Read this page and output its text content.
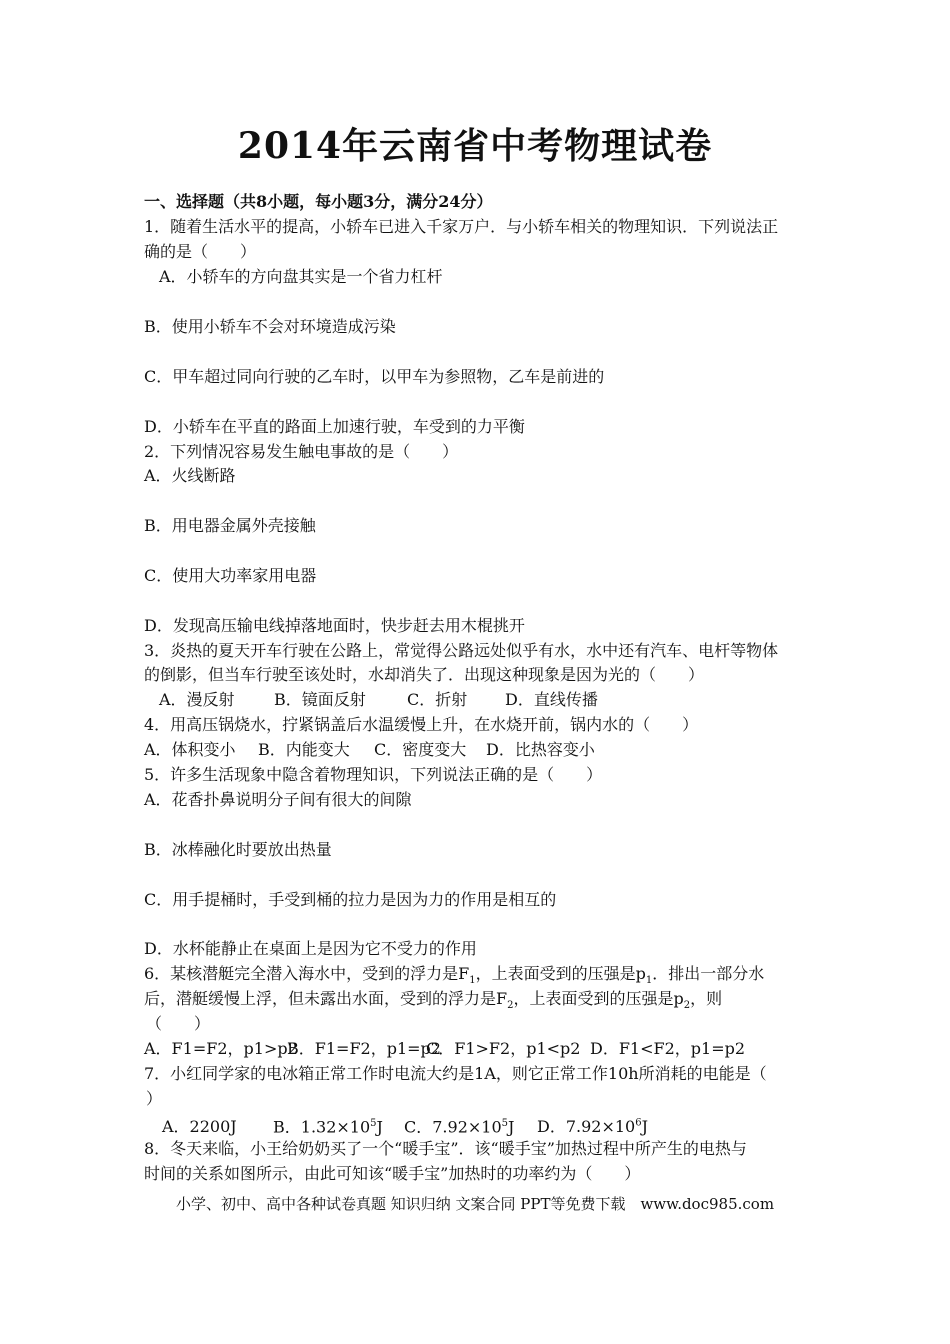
2014年云南省中考物理试卷
一、选择题（共8小题，每小题3分，满分24分）
1．随着生活水平的提高，小轿车已进入千家万户．与小轿车相关的物理知识．下列说法正
确的是（　　）
A．小轿车的方向盘其实是一个省力杠杆
B．使用小轿车不会对环境造成污染
C．甲车超过同向行驶的乙车时，以甲车为参照物，乙车是前进的
D．小轿车在平直的路面上加速行驶，车受到的力平衡
2．下列情况容易发生触电事故的是（　　）
A．火线断路
B．用电器金属外壳接触
C．使用大功率家用电器
D．发现高压输电线掉落地面时，快步赶去用木棍挑开
3．炎热的夏天开车行驶在公路上，常觉得公路远处似乎有水，水中还有汽车、电杆等物体
的倒影，但当车行驶至该处时，水却消失了．出现这种现象是因为光的（　　）
A．漫反射 B．镜面反射	C．折射 D．直线传播
4．用高压锅烧水，拧紧锅盖后水温缓慢上升，在水烧开前，锅内水的（　　）
A．体积变小 B．内能变大 C．密度变大 D．比热容变小
5．许多生活现象中隐含着物理知识，下列说法正确的是（　　）
A．花香扑鼻说明分子间有很大的间隙
B．冰棒融化时要放出热量
C．用手提桶时，手受到桶的拉力是因为力的作用是相互的
D．水杯能静止在桌面上是因为它不受力的作用
6．某核潜艇完全潜入海水中，受到的浮力是$F_1$，上表面受到的压强是$p_1$．排出一部分水
后，潜艇缓慢上浮，但未露出水面，受到的浮力是$F_2$，上表面受到的压强是$p_2$，则
（　　）
A．F1=F2，p1>p2B．F1=F2，p1=p2C．F1>F2，p1<p2 D．F1<F2，p1=p2
7．小红同学家的电冰箱正常工作时电流大约是1A，则它正常工作10h所消耗的电能是（
）
A．2200J B．$1.32\times 10^5J$ C．$7.92\times 10^5J$ D．$7.92\times 10^6J$
8．冬天来临，小王给奶奶买了一个“暖手宝”．该“暖手宝”加热过程中所产生的电热与
时间的关系如图所示，由此可知该“暖手宝”加热时的功率约为（　　）
小学、初中、高中各种试卷真题 知识归纳 文案合同 PPT等免费下载　www.doc985.com
